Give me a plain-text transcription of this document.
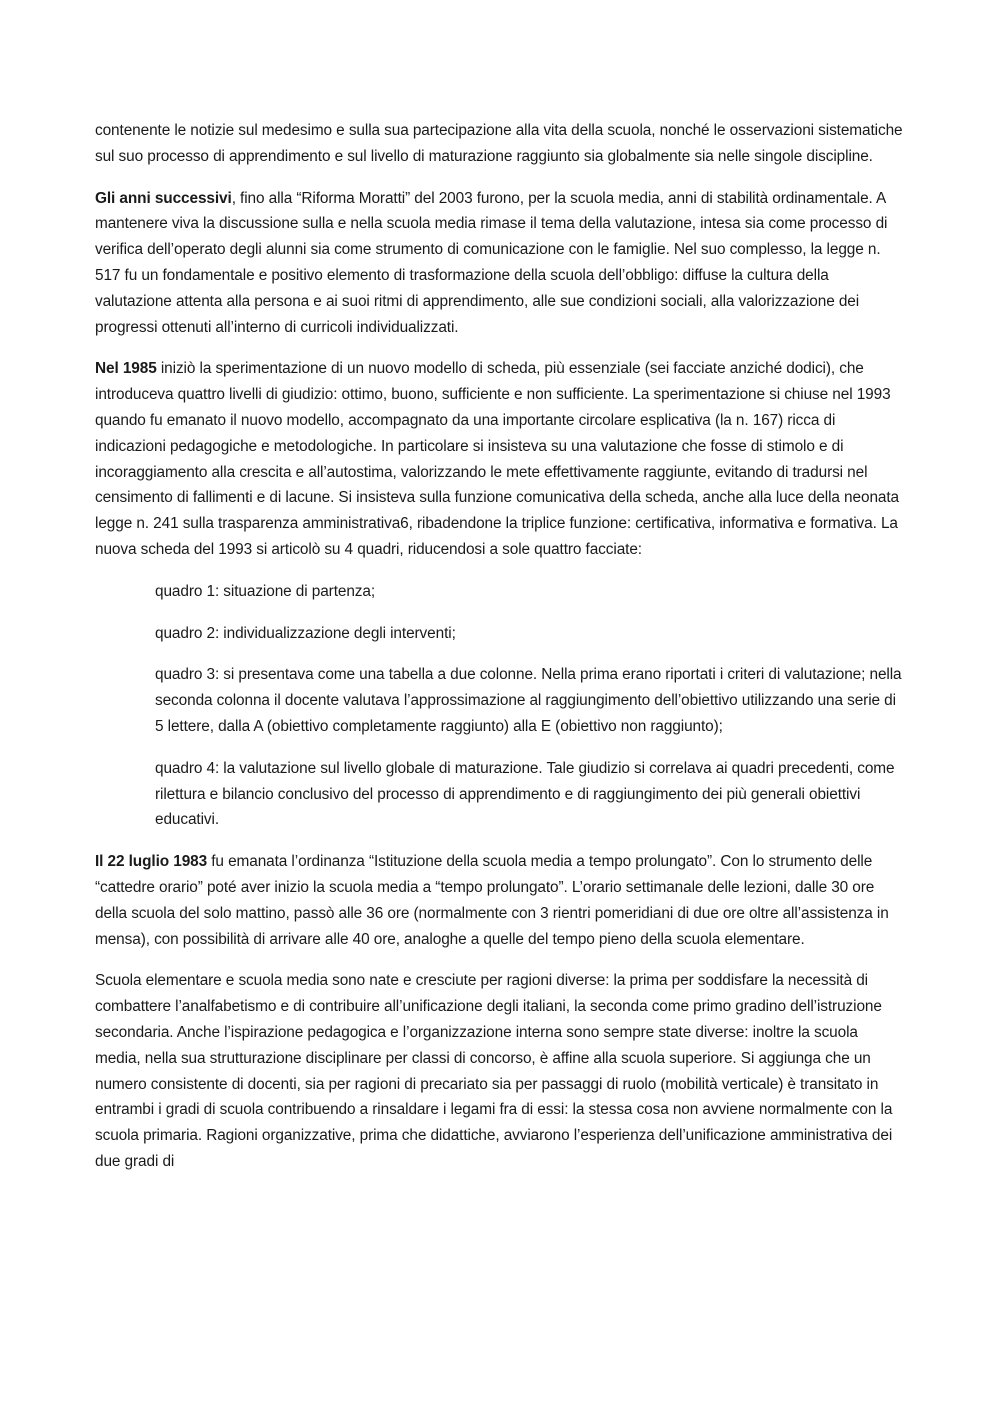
contenente le notizie sul medesimo e sulla sua partecipazione alla vita della scuola, nonché le osservazioni sistematiche sul suo processo di apprendimento e sul livello di maturazione raggiunto sia globalmente sia nelle singole discipline.

Gli anni successivi, fino alla “Riforma Moratti” del 2003 furono, per la scuola media, anni di stabilità ordinamentale. A mantenere viva la discussione sulla e nella scuola media rimase il tema della valutazione, intesa sia come processo di verifica dell’operato degli alunni sia come strumento di comunicazione con le famiglie. Nel suo complesso, la legge n. 517 fu un fondamentale e positivo elemento di trasformazione della scuola dell’obbligo: diffuse la cultura della valutazione attenta alla persona e ai suoi ritmi di apprendimento, alle sue condizioni sociali, alla valorizzazione dei progressi ottenuti all’interno di curricoli individualizzati.

Nel 1985 iniziò la sperimentazione di un nuovo modello di scheda, più essenziale (sei facciate anziché dodici), che introduceva quattro livelli di giudizio: ottimo, buono, sufficiente e non sufficiente. La sperimentazione si chiuse nel 1993 quando fu emanato il nuovo modello, accompagnato da una importante circolare esplicativa (la n. 167) ricca di indicazioni pedagogiche e metodologiche. In particolare si insisteva su una valutazione che fosse di stimolo e di incoraggiamento alla crescita e all’autostima, valorizzando le mete effettivamente raggiunte, evitando di tradursi nel censimento di fallimenti e di lacune. Si insisteva sulla funzione comunicativa della scheda, anche alla luce della neonata legge n. 241 sulla trasparenza amministrativa6, ribadendone la triplice funzione: certificativa, informativa e formativa. La nuova scheda del 1993 si articolò su 4 quadri, riducendosi a sole quattro facciate:

quadro 1: situazione di partenza;

quadro 2: individualizzazione degli interventi;

quadro 3: si presentava come una tabella a due colonne. Nella prima erano riportati i criteri di valutazione; nella seconda colonna il docente valutava l’approssimazione al raggiungimento dell’obiettivo utilizzando una serie di 5 lettere, dalla A (obiettivo completamente raggiunto) alla E (obiettivo non raggiunto);

quadro 4: la valutazione sul livello globale di maturazione. Tale giudizio si correlava ai quadri precedenti, come rilettura e bilancio conclusivo del processo di apprendimento e di raggiungimento dei più generali obiettivi educativi.

Il 22 luglio 1983 fu emanata l’ordinanza “Istituzione della scuola media a tempo prolungato”. Con lo strumento delle “cattedre orario” poté aver inizio la scuola media a “tempo prolungato”. L’orario settimanale delle lezioni, dalle 30 ore della scuola del solo mattino, passò alle 36 ore (normalmente con 3 rientri pomeridiani di due ore oltre all’assistenza in mensa), con possibilità di arrivare alle 40 ore, analoghe a quelle del tempo pieno della scuola elementare.

Scuola elementare e scuola media sono nate e cresciute per ragioni diverse: la prima per soddisfare la necessità di combattere l’analfabetismo e di contribuire all’unificazione degli italiani, la seconda come primo gradino dell’istruzione secondaria. Anche l’ispirazione pedagogica e l’organizzazione interna sono sempre state diverse: inoltre la scuola media, nella sua strutturazione disciplinare per classi di concorso, è affine alla scuola superiore. Si aggiunga che un numero consistente di docenti, sia per ragioni di precariato sia per passaggi di ruolo (mobilità verticale) è transitato in entrambi i gradi di scuola contribuendo a rinsaldare i legami fra di essi: la stessa cosa non avviene normalmente con la scuola primaria. Ragioni organizzative, prima che didattiche, avviarono l’esperienza dell’unificazione amministrativa dei due gradi di
